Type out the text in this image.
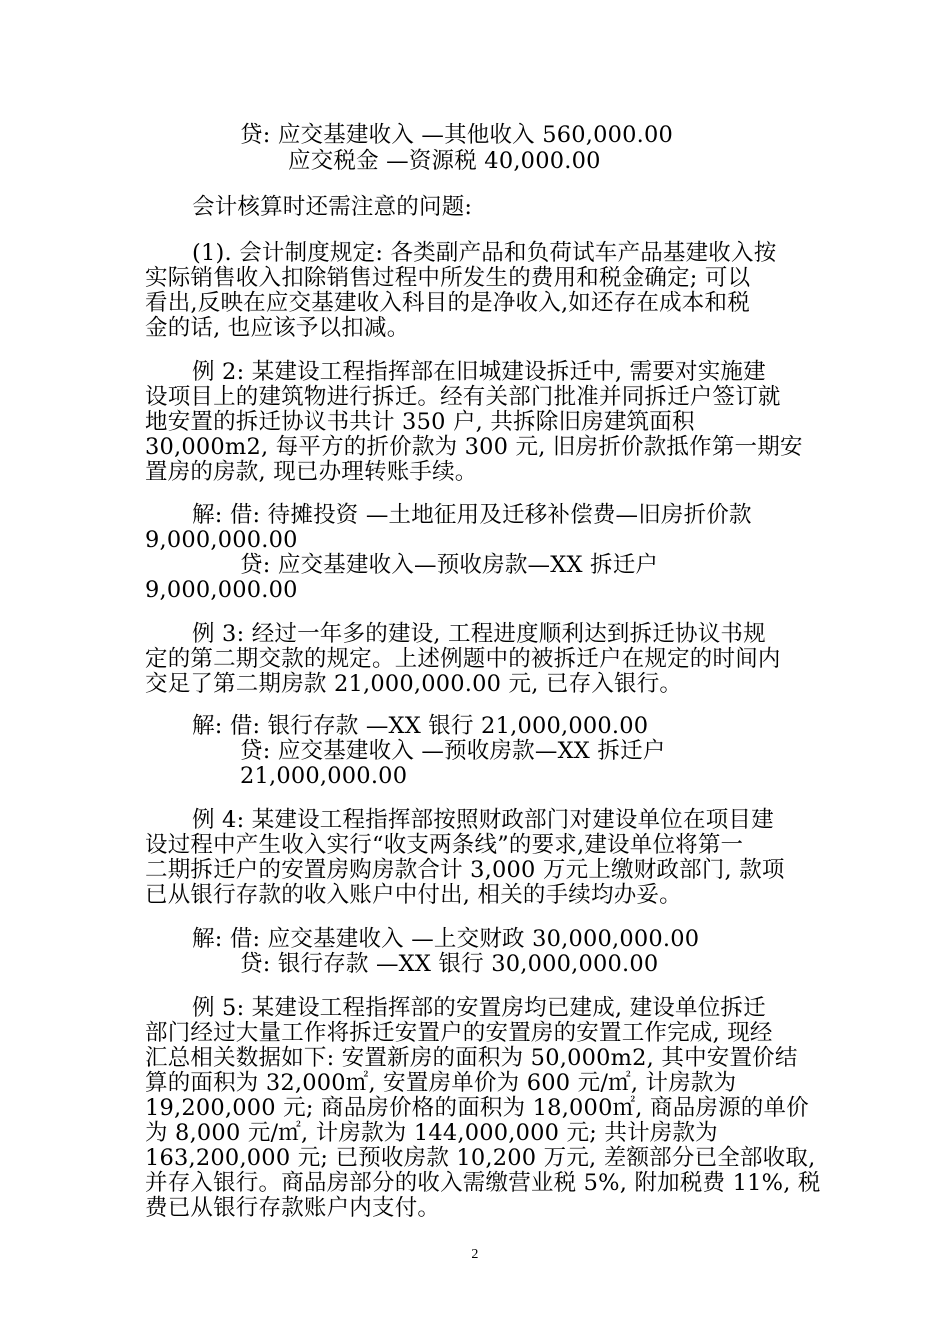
贷: 应交基建收入 —其他收入 560,000.00
应交税金 —资源税 40,000.00
会计核算时还需注意的问题:
(1). 会计制度规定: 各类副产品和负荷试车产品基建收入按
实际销售收入扣除销售过程中所发生的费用和税金确定; 可以
看出,反映在应交基建收入科目的是净收入,如还存在成本和税
金的话, 也应该予以扣减。
例 2: 某建设工程指挥部在旧城建设拆迁中, 需要对实施建
设项目上的建筑物进行拆迁。经有关部门批准并同拆迁户签订就
地安置的拆迁协议书共计 350 户, 共拆除旧房建筑面积
30,000m2, 每平方的折价款为 300 元, 旧房折价款抵作第一期安
置房的房款, 现已办理转账手续。
解: 借: 待摊投资 —土地征用及迁移补偿费—旧房折价款
9,000,000.00
贷: 应交基建收入—预收房款—XX 拆迁户
9,000,000.00
例 3: 经过一年多的建设, 工程进度顺利达到拆迁协议书规
定的第二期交款的规定。上述例题中的被拆迁户在规定的时间内
交足了第二期房款 21,000,000.00 元, 已存入银行。
解: 借: 银行存款 —XX 银行 21,000,000.00
贷: 应交基建收入 —预收房款—XX 拆迁户
21,000,000.00
例 4: 某建设工程指挥部按照财政部门对建设单位在项目建
设过程中产生收入实行“收支两条线”的要求,建设单位将第一
二期拆迁户的安置房购房款合计 3,000 万元上缴财政部门, 款项
已从银行存款的收入账户中付出, 相关的手续均办妥。
解: 借: 应交基建收入 —上交财政 30,000,000.00
贷: 银行存款 —XX 银行 30,000,000.00
例 5: 某建设工程指挥部的安置房均已建成, 建设单位拆迁
部门经过大量工作将拆迁安置户的安置房的安置工作完成, 现经
汇总相关数据如下: 安置新房的面积为 50,000m2, 其中安置价结
算的面积为 32,000㎡, 安置房单价为 600 元/㎡, 计房款为
19,200,000 元; 商品房价格的面积为 18,000㎡, 商品房源的单价
为 8,000 元/㎡, 计房款为 144,000,000 元; 共计房款为
163,200,000 元; 已预收房款 10,200 万元, 差额部分已全部收取,
并存入银行。商品房部分的收入需缴营业税 5%, 附加税费 11%, 税
费已从银行存款账户内支付。
2
